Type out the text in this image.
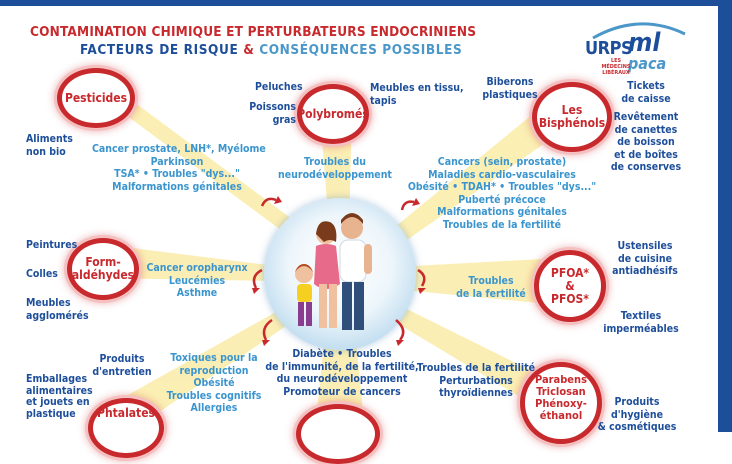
CONTAMINATION CHIMIQUE ET PERTURBATEURS ENDOCRINIENS
FACTEURS DE RISQUE & CONSÉQUENCES POSSIBLES	URPS
ml
paca
LES MÉDECINS LIBÉRAUX
Pesticides
Polybromés	Les
Bisphénols
Form-
aldéhydes	PFOA*
&
PFOS*
Phtalates
Parabens
Triclosan
Phénoxy-
éthanol
Aliments
non bio	Cancer prostate, LNH*, Myélome
Parkinson
TSA* • Troubles "dys..."
Malformations génitales
Peluches
Poissons
gras
Meubles en tissu,
tapis
Troubles du
neurodéveloppement
Biberons
plastiques
Tickets
de caisse
Revêtement
de canettes
de boisson
et de boîtes
de conserves
Cancers (sein, prostate)
Maladies cardio-vasculaires
Obésité • TDAH* • Troubles "dys..."
Puberté précoce
Malformations génitales
Troubles de la fertilité
Peintures
Colles
Meubles
agglomérés
Cancer oropharynx
Leucémies
Asthme
Ustensiles
de cuisine
antiadhésifs
Textiles
imperméables
Troubles
de la fertilité
Produits
d'entretien
Emballages
alimentaires
et jouets en
plastique
Toxiques pour la
reproduction
Obésité
Troubles cognitifs
Allergies
Troubles de la fertilité
Perturbations
thyroïdiennes
Produits
d'hygiène
& cosmétiques
Diabète • Troubles
de l'immunité, de la fertilité,
du neurodéveloppement
Promoteur de cancers
